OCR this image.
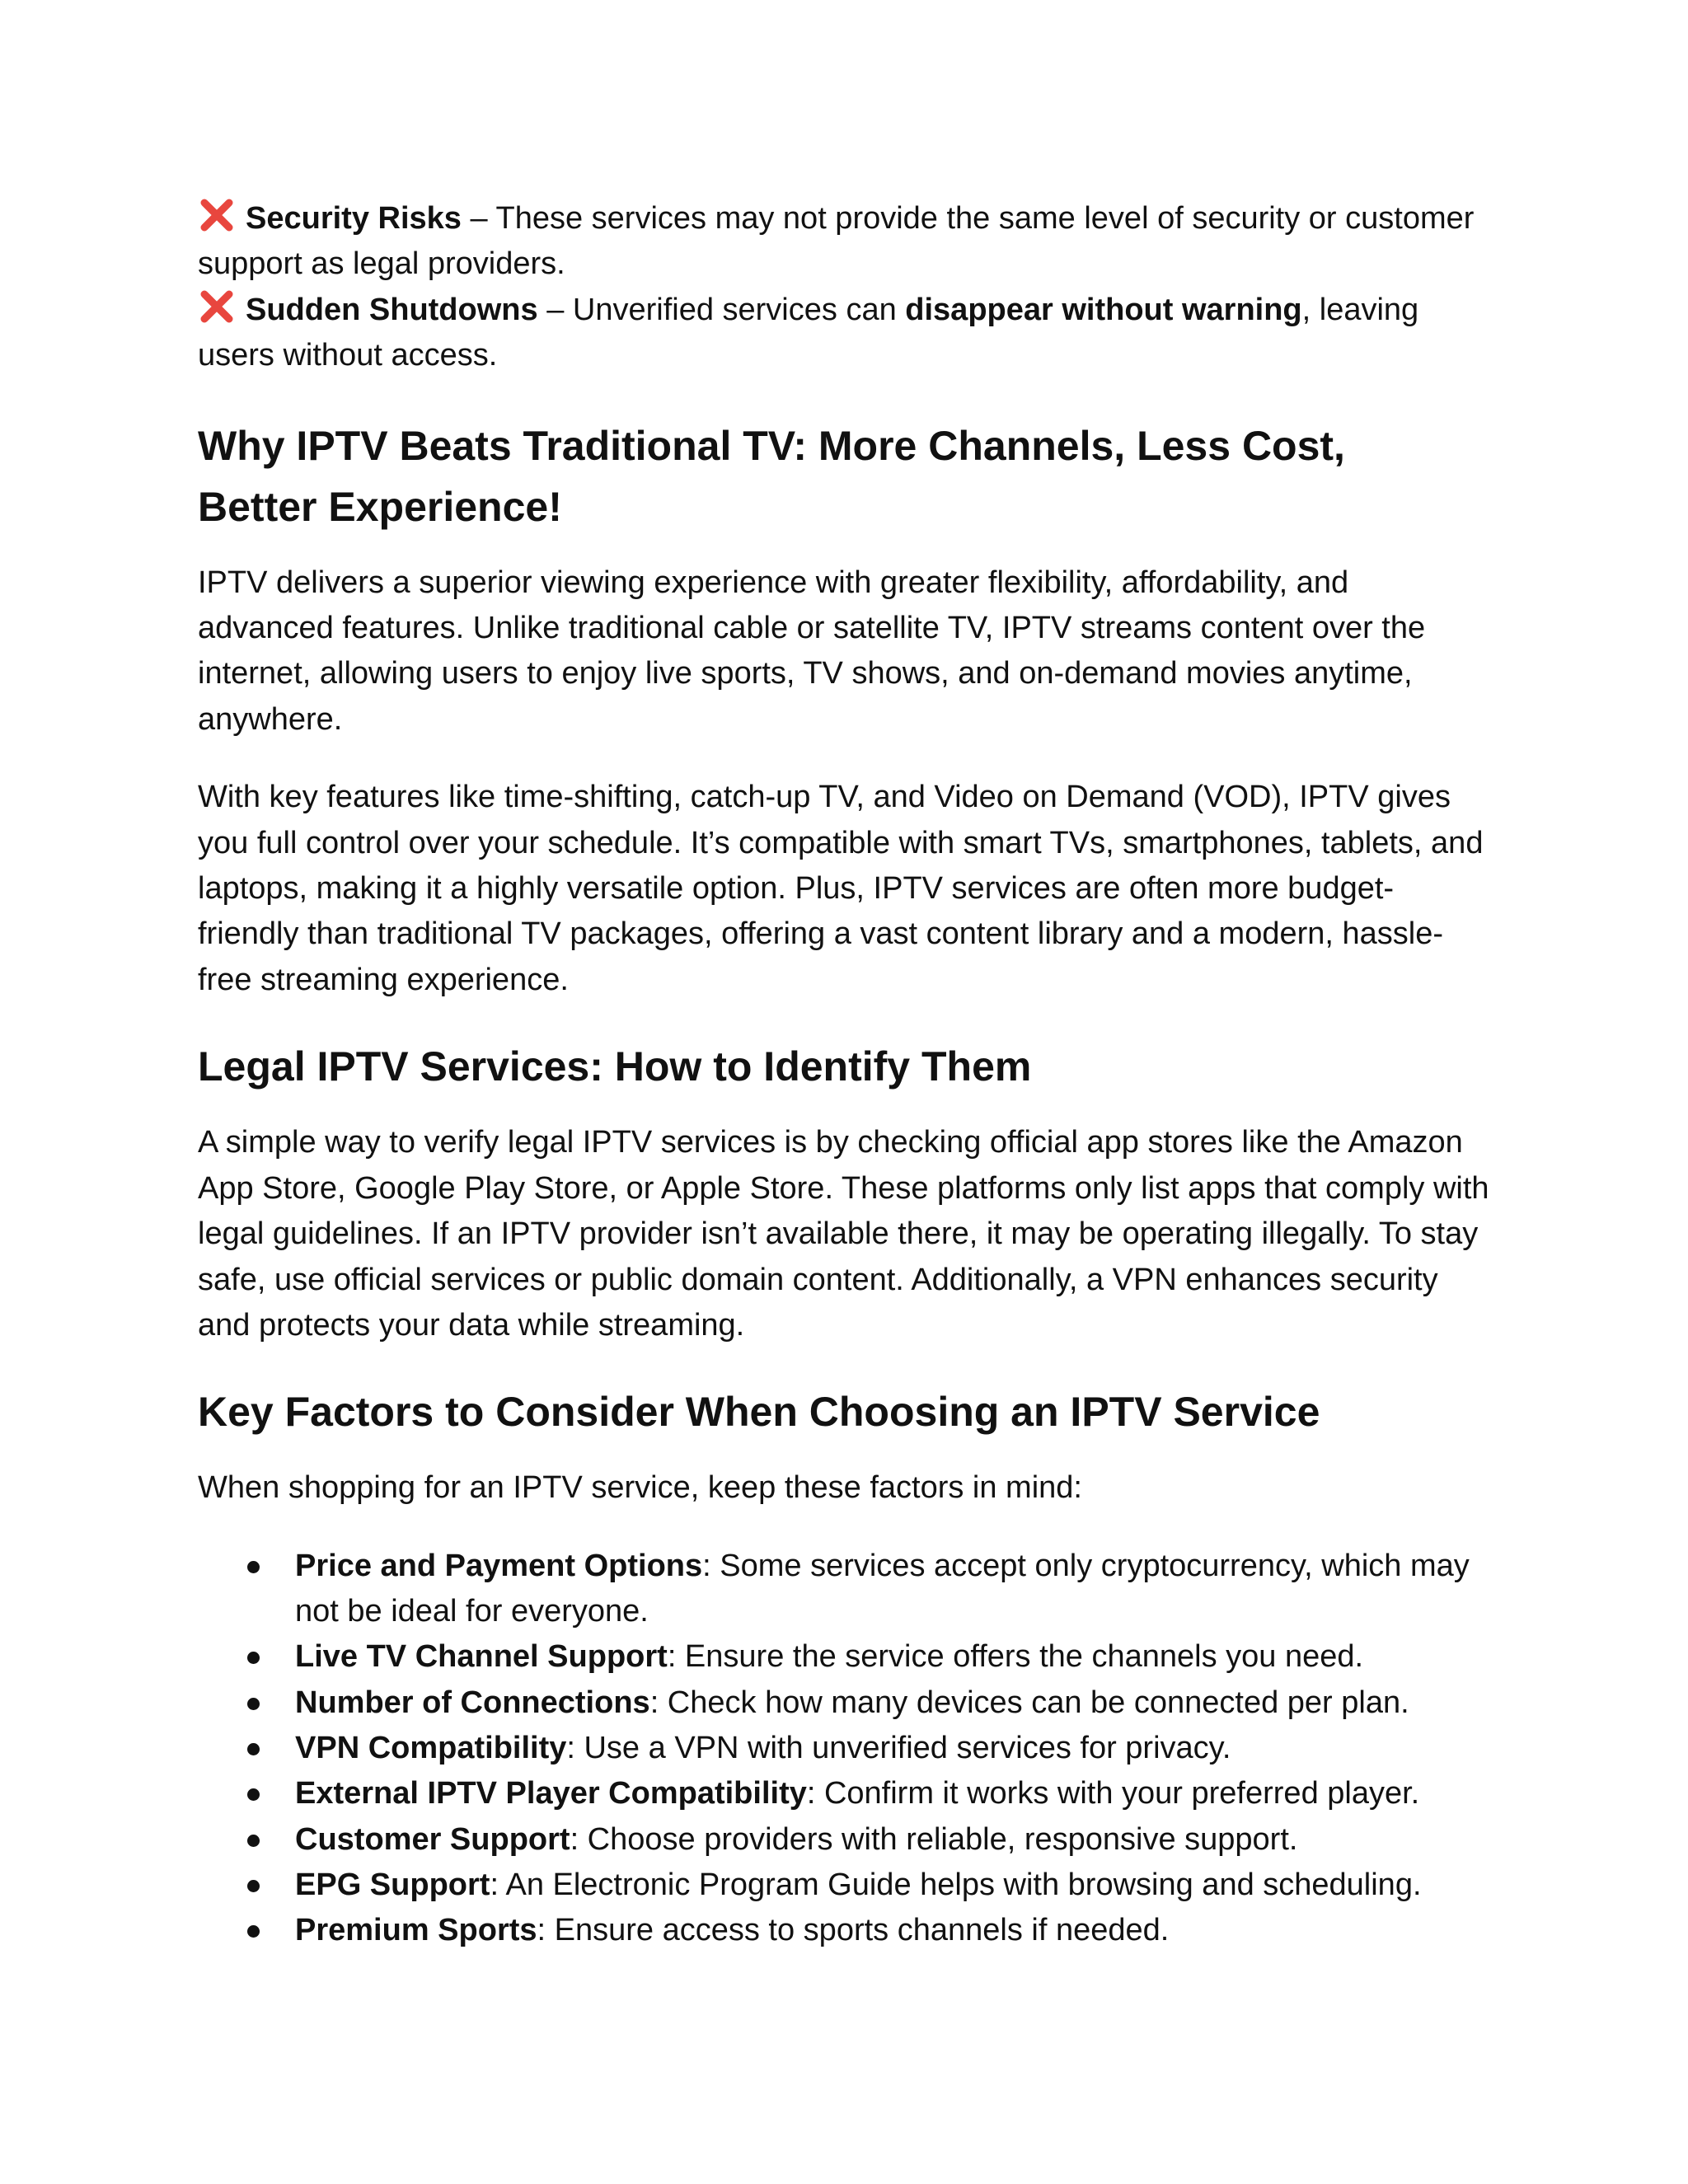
Security Risks – These services may not provide the same level of security or customer support as legal providers.

Sudden Shutdowns – Unverified services can disappear without warning, leaving users without access.

Why IPTV Beats Traditional TV: More Channels, Less Cost,
Better Experience!

IPTV delivers a superior viewing experience with greater flexibility, affordability, and advanced features. Unlike traditional cable or satellite TV, IPTV streams content over the internet, allowing users to enjoy live sports, TV shows, and on-demand movies anytime, anywhere.

With key features like time-shifting, catch-up TV, and Video on Demand (VOD), IPTV gives you full control over your schedule. It’s compatible with smart TVs, smartphones, tablets, and laptops, making it a highly versatile option. Plus, IPTV services are often more budget-friendly than traditional TV packages, offering a vast content library and a modern, hassle-free streaming experience.

Legal IPTV Services: How to Identify Them

A simple way to verify legal IPTV services is by checking official app stores like the Amazon App Store, Google Play Store, or Apple Store. These platforms only list apps that comply with legal guidelines. If an IPTV provider isn’t available there, it may be operating illegally. To stay safe, use official services or public domain content. Additionally, a VPN enhances security and protects your data while streaming.

Key Factors to Consider When Choosing an IPTV Service

When shopping for an IPTV service, keep these factors in mind:

Price and Payment Options: Some services accept only cryptocurrency, which may not be ideal for everyone.
Live TV Channel Support: Ensure the service offers the channels you need.
Number of Connections: Check how many devices can be connected per plan.
VPN Compatibility: Use a VPN with unverified services for privacy.
External IPTV Player Compatibility: Confirm it works with your preferred player.
Customer Support: Choose providers with reliable, responsive support.
EPG Support: An Electronic Program Guide helps with browsing and scheduling.
Premium Sports: Ensure access to sports channels if needed.
